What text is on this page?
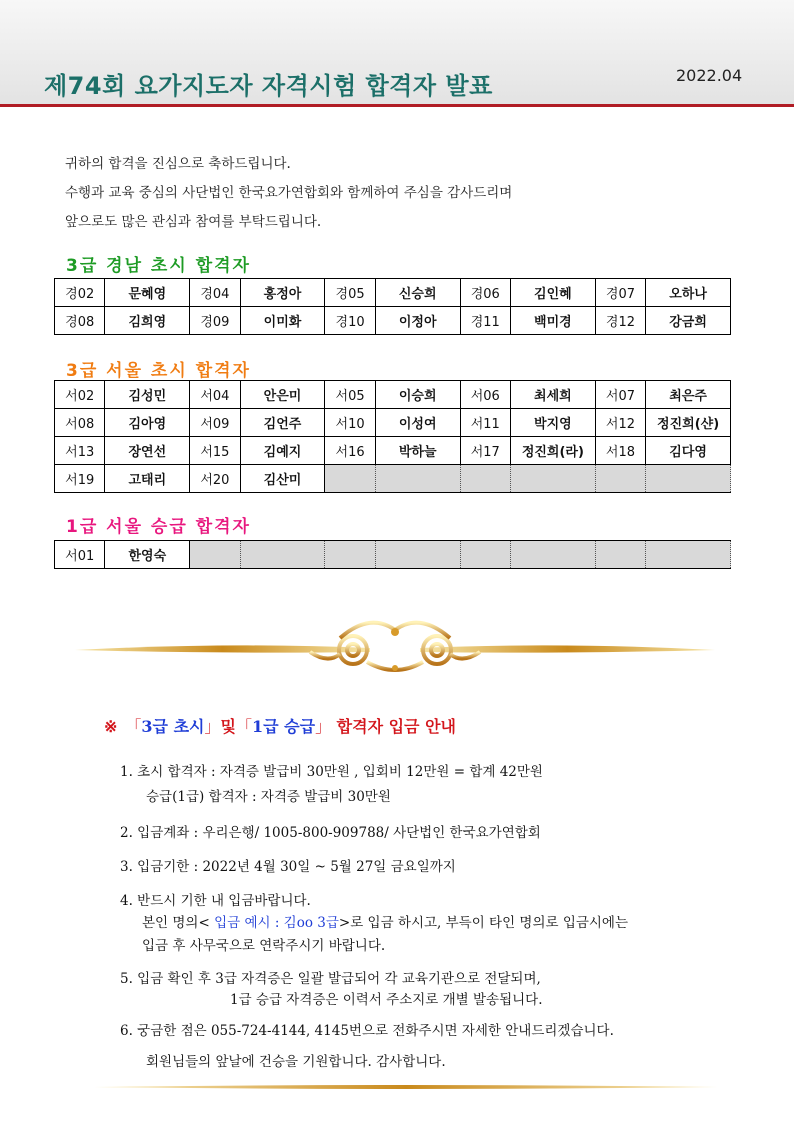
제74회 요가지도자 자격시험 합격자 발표	2022.04
귀하의 합격을 진심으로 축하드립니다.
수행과 교육 중심의 사단법인 한국요가연합회와 함께하여 주심을 감사드리며
앞으로도 많은 관심과 참여를 부탁드립니다.
3급 경남 초시 합격자
경02	문혜영	경04	홍정아	경05	신승희	경06	김인혜	경07	오하나
경08	김희영	경09	이미화	경10	이정아	경11	백미경	경12	강금희
3급 서울 초시 합격자
서02	김성민	서04	안은미	서05	이승희	서06	최세희	서07	최은주
서08	김아영	서09	김언주	서10	이성여	서11	박지영	서12	정진희(샨)
서13	장연선	서15	김예지	서16	박하늘	서17	정진희(라)	서18	김다영
서19	고태리	서20	김산미						
1급 서울 승급 합격자
서01	한영숙								
※ 「3급 초시」및「1급 승급」 합격자 입금 안내
1. 초시 합격자 : 자격증 발급비 30만원 , 입회비 12만원 = 합계 42만원
승급(1급) 합격자 : 자격증 발급비 30만원
2. 입금계좌 : 우리은행/ 1005-800-909788/ 사단법인 한국요가연합회
3. 입금기한 : 2022년 4월 30일 ~ 5월 27일 금요일까지
4. 반드시 기한 내 입금바랍니다.
본인 명의< 입금 예시 : 김oo 3급>로 입금 하시고, 부득이 타인 명의로 입금시에는
입금 후 사무국으로 연락주시기 바랍니다.
5. 입금 확인 후 3급 자격증은 일괄 발급되어 각 교육기관으로 전달되며,
1급 승급 자격증은 이력서 주소지로 개별 발송됩니다.
6. 궁금한 점은 055-724-4144, 4145번으로 전화주시면 자세한 안내드리겠습니다.
회원님들의 앞날에 건승을 기원합니다. 감사합니다.
